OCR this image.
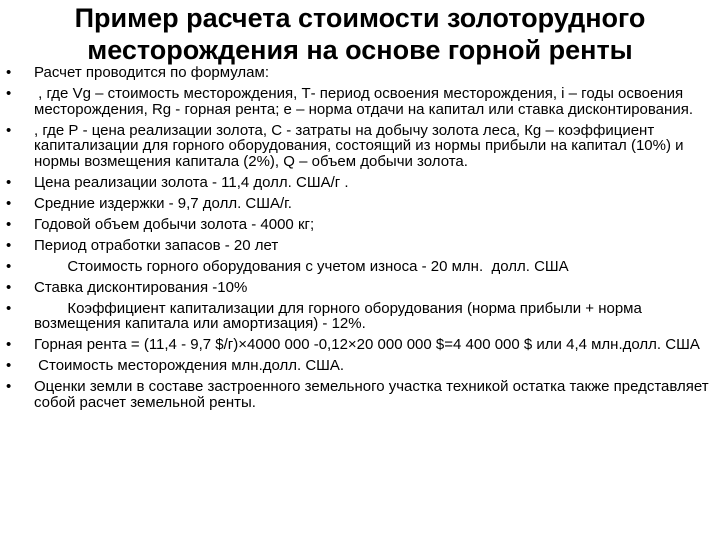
Пример расчета стоимости золоторудного
месторождения на основе горной ренты
• Расчет проводится по формулам:
• , где Vg – стоимость месторождения, Т- период освоения месторождения, i – годы освоения месторождения, Rg - горная рента; e – норма отдачи на капитал или ставка дисконтирования.
• , где Р - цена реализации золота, С - затраты на добычу золота леса, Кg – коэффициент капитализации для горного оборудования, состоящий из нормы прибыли на капитал (10%) и нормы возмещения капитала (2%), Q – объем добычи золота.
• Цена реализации золота - 11,4 долл. США/г .
• Средние издержки - 9,7 долл. США/г.
• Годовой объем добычи золота - 4000 кг;
• Период отработки запасов - 20 лет
• Стоимость горного оборудования с учетом износа - 20 млн.  долл. США
• Ставка дисконтирования -10%
• Коэффициент капитализации для горного оборудования (норма прибыли + норма возмещения капитала или амортизация) - 12%.
• Горная рента = (11,4 - 9,7 $/г)×4000 000 -0,12×20 000 000 $=4 400 000 $ или 4,4 млн.долл. США
• Стоимость месторождения млн.долл. США.
• Оценки земли в составе застроенного земельного участка техникой остатка также представляет собой расчет земельной ренты.
